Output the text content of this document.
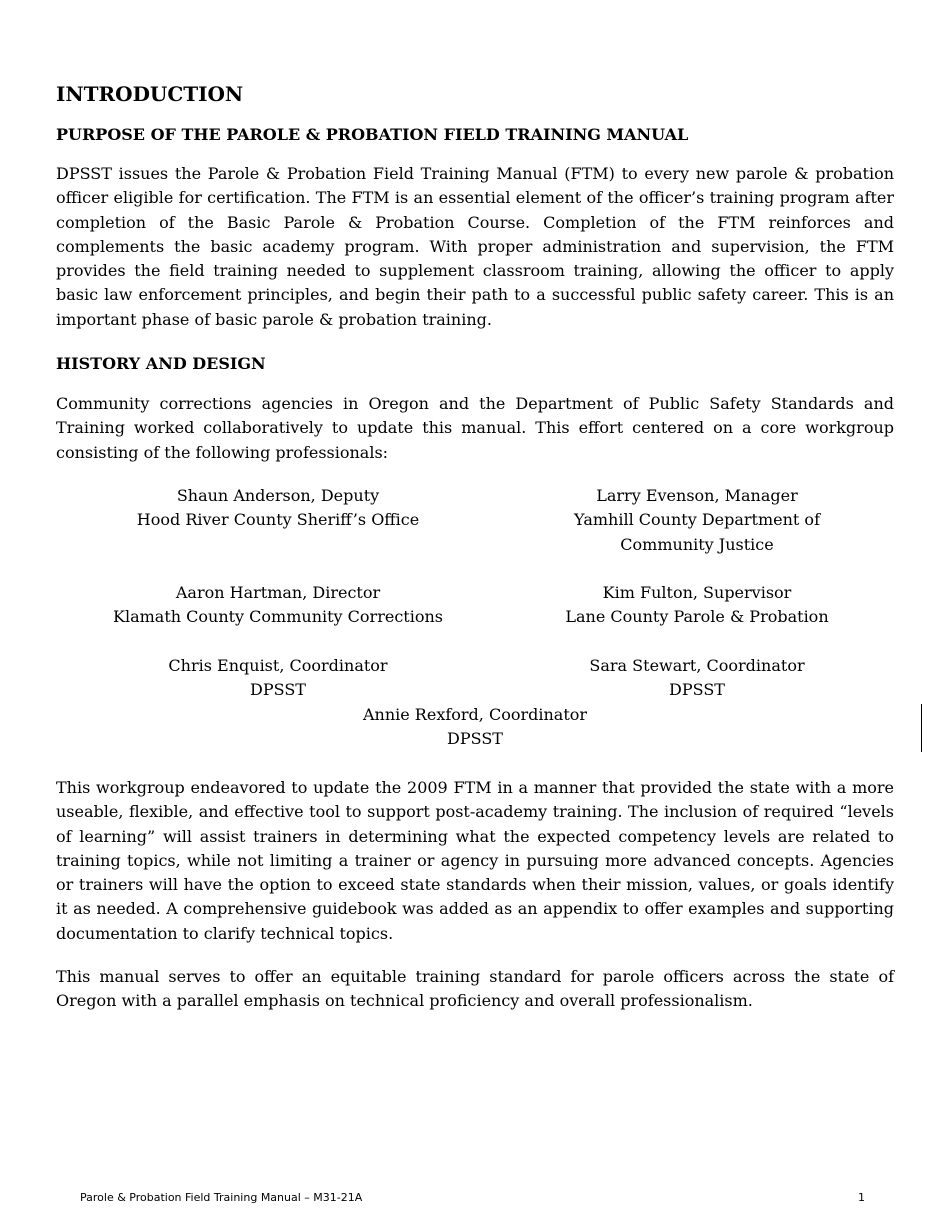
INTRODUCTION
PURPOSE OF THE PAROLE & PROBATION FIELD TRAINING MANUAL

DPSST issues the Parole & Probation Field Training Manual (FTM) to every new parole & probation officer eligible for certification. The FTM is an essential element of the officer’s training program after completion of the Basic Parole & Probation Course. Completion of the FTM reinforces and complements the basic academy program. With proper administration and supervision, the FTM provides the field training needed to supplement classroom training, allowing the officer to apply basic law enforcement principles, and begin their path to a successful public safety career. This is an important phase of basic parole & probation training.

HISTORY AND DESIGN

Community corrections agencies in Oregon and the Department of Public Safety Standards and Training worked collaboratively to update this manual. This effort centered on a core workgroup consisting of the following professionals:

Shaun Anderson, Deputy
Hood River County Sheriff’s Office
Larry Evenson, Manager
Yamhill County Department of
Community Justice
Aaron Hartman, Director
Klamath County Community Corrections
Kim Fulton, Supervisor
Lane County Parole & Probation
Chris Enquist, Coordinator
DPSST
Sara Stewart, Coordinator
DPSST
Annie Rexford, Coordinator
DPSST

This workgroup endeavored to update the 2009 FTM in a manner that provided the state with a more useable, flexible, and effective tool to support post-academy training. The inclusion of required “levels of learning” will assist trainers in determining what the expected competency levels are related to training topics, while not limiting a trainer or agency in pursuing more advanced concepts. Agencies or trainers will have the option to exceed state standards when their mission, values, or goals identify it as needed. A comprehensive guidebook was added as an appendix to offer examples and supporting documentation to clarify technical topics.

This manual serves to offer an equitable training standard for parole officers across the state of Oregon with a parallel emphasis on technical proficiency and overall professionalism.

Parole & Probation Field Training Manual – M31-21A	1
